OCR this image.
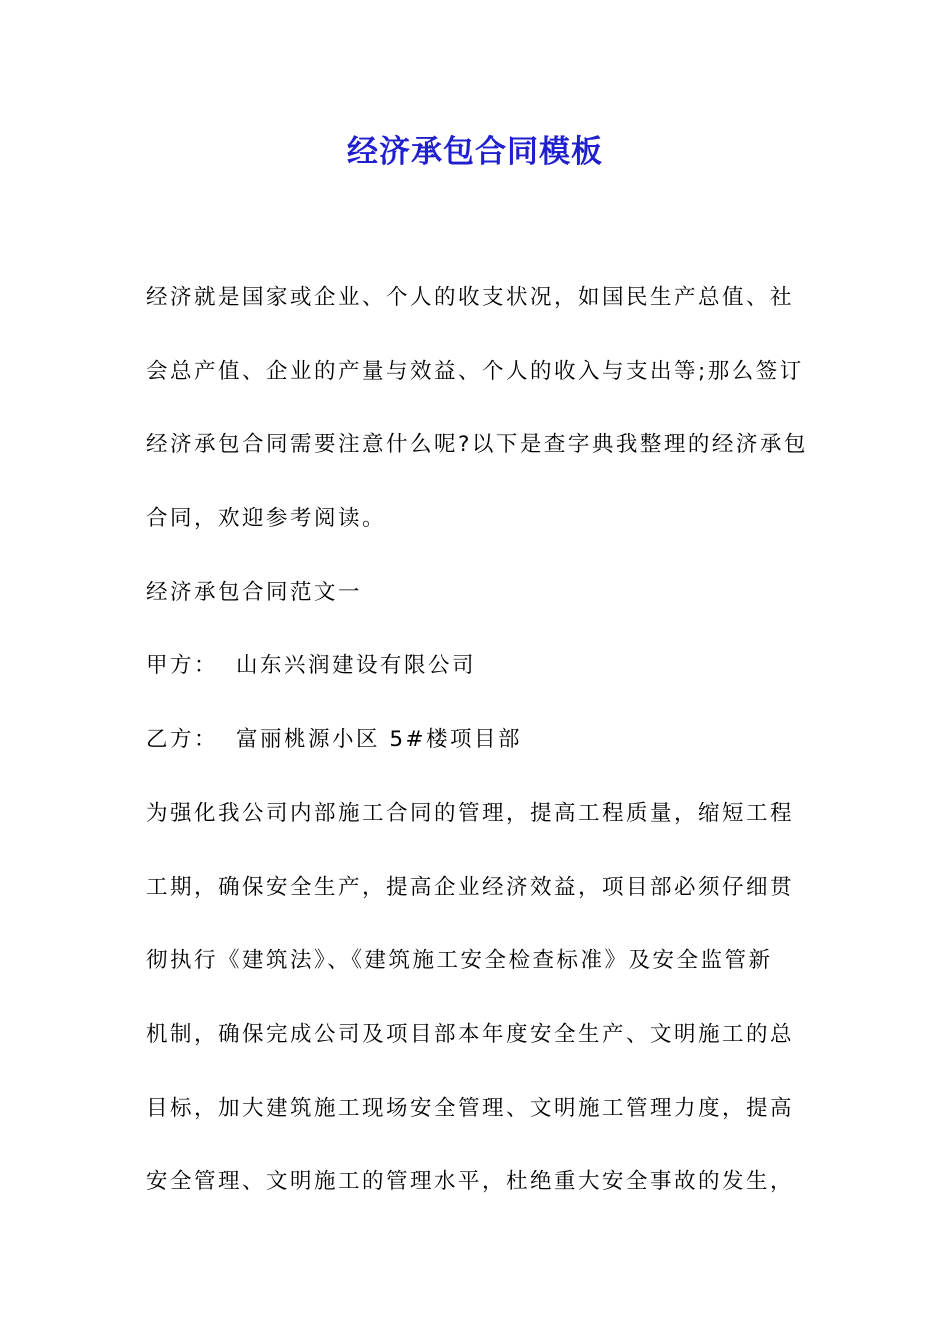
经济承包合同模板
经济就是国家或企业、个人的收支状况，如国民生产总值、社
会总产值、企业的产量与效益、个人的收入与支出等;那么签订
经济承包合同需要注意什么呢?以下是查字典我整理的经济承包
合同，欢迎参考阅读。
经济承包合同范文一
甲方： 山东兴润建设有限公司
乙方： 富丽桃源小区 5#楼项目部
为强化我公司内部施工合同的管理，提高工程质量，缩短工程
工期，确保安全生产，提高企业经济效益，项目部必须仔细贯
彻执行《建筑法》、《建筑施工安全检查标准》及安全监管新
机制，确保完成公司及项目部本年度安全生产、文明施工的总
目标，加大建筑施工现场安全管理、文明施工管理力度，提高
安全管理、文明施工的管理水平，杜绝重大安全事故的发生，
